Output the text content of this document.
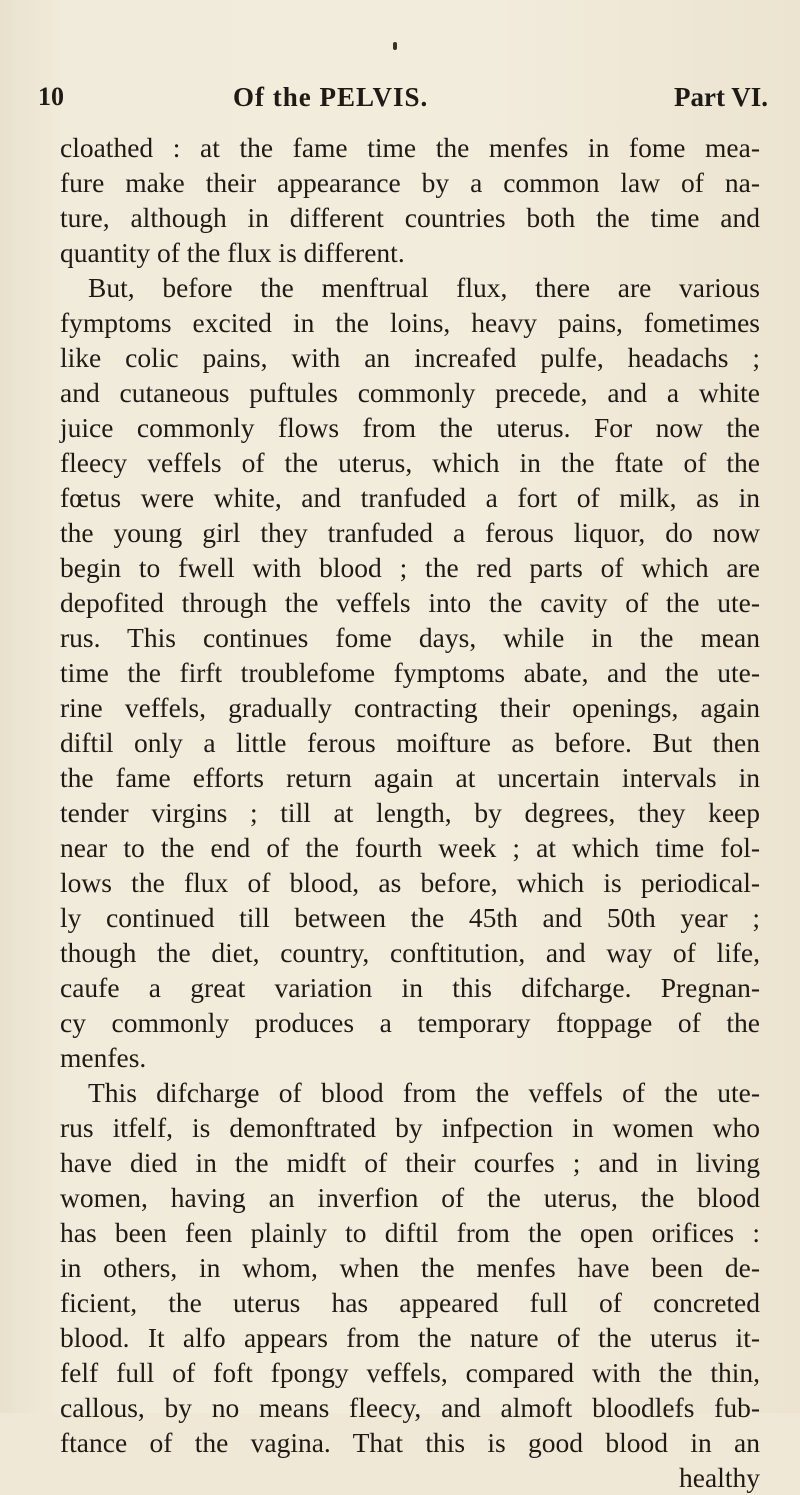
10	Of the PELVIS.	Part VI.
cloathed : at the fame time the menfes in fome mea-
fure make their appearance by a common law of na-
ture, although in different countries both the time and
quantity of the flux is different.
But, before the menftrual flux, there are various
fymptoms excited in the loins, heavy pains, fometimes
like colic pains, with an increafed pulfe, headachs ;
and cutaneous puftules commonly precede, and a white
juice commonly flows from the uterus. For now the
fleecy veffels of the uterus, which in the ftate of the
fœtus were white, and tranfuded a fort of milk, as in
the young girl they tranfuded a ferous liquor, do now
begin to fwell with blood ; the red parts of which are
depofited through the veffels into the cavity of the ute-
rus. This continues fome days, while in the mean
time the firft troublefome fymptoms abate, and the ute-
rine veffels, gradually contracting their openings, again
diftil only a little ferous moifture as before. But then
the fame efforts return again at uncertain intervals in
tender virgins ; till at length, by degrees, they keep
near to the end of the fourth week ; at which time fol-
lows the flux of blood, as before, which is periodical-
ly continued till between the 45th and 50th year ;
though the diet, country, conftitution, and way of life,
caufe a great variation in this difcharge. Pregnan-
cy commonly produces a temporary ftoppage of the
menfes.
This difcharge of blood from the veffels of the ute-
rus itfelf, is demonftrated by infpection in women who
have died in the midft of their courfes ; and in living
women, having an inverfion of the uterus, the blood
has been feen plainly to diftil from the open orifices :
in others, in whom, when the menfes have been de-
ficient, the uterus has appeared full of concreted
blood. It alfo appears from the nature of the uterus it-
felf full of foft fpongy veffels, compared with the thin,
callous, by no means fleecy, and almoft bloodlefs fub-
ftance of the vagina. That this is good blood in an
healthy
